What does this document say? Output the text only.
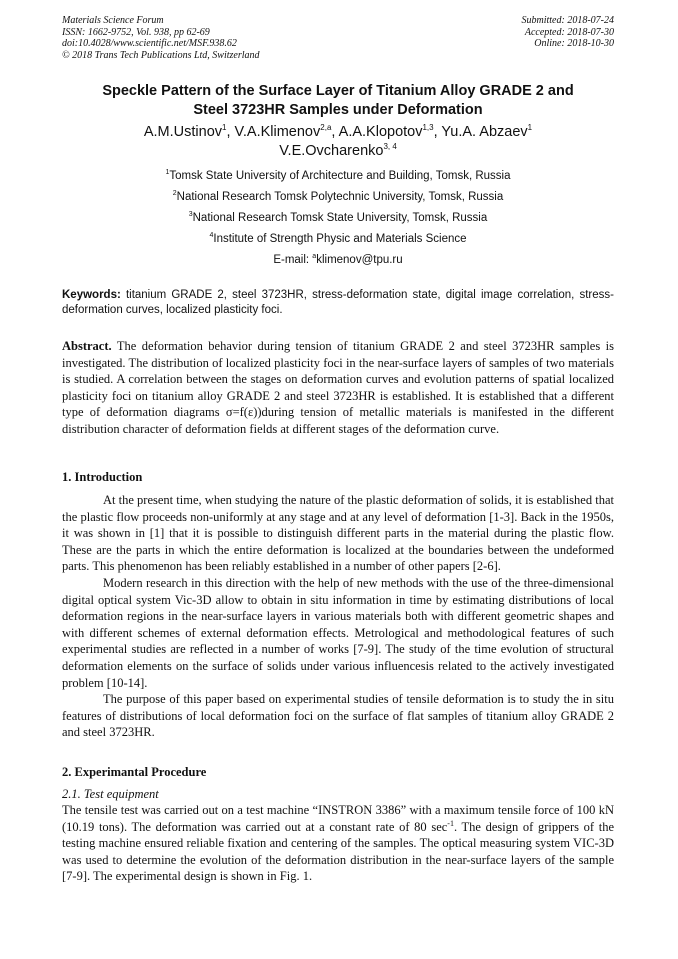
Materials Science Forum
ISSN: 1662-9752, Vol. 938, pp 62-69
doi:10.4028/www.scientific.net/MSF.938.62
© 2018 Trans Tech Publications Ltd, Switzerland
Submitted: 2018-07-24
Accepted: 2018-07-30
Online: 2018-10-30
Speckle Pattern of the Surface Layer of Titanium Alloy GRADE 2 and
Steel 3723HR Samples under Deformation
A.M.Ustinov$^1$, V.A.Klimenov$^{2,a}$, A.A.Klopotov$^{1,3}$, Yu.A. Abzaev$^1$
V.E.Ovcharenko$^{3, 4}$
$^1$Tomsk State University of Architecture and Building, Tomsk, Russia
$^2$National Research Tomsk Polytechnic University, Tomsk, Russia
$^3$National Research Tomsk State University, Tomsk, Russia
$^4$Institute of Strength Physic and Materials Science
E-mail: $^a$klimenov@tpu.ru
Keywords: titanium GRADE 2, steel 3723HR, stress-deformation state, digital image correlation, stress-deformation curves, localized plasticity foci.
Abstract. The deformation behavior during tension of titanium GRADE 2 and steel 3723HR samples is investigated. The distribution of localized plasticity foci in the near-surface layers of samples of two materials is studied. A correlation between the stages on deformation curves and evolution patterns of spatial localized plasticity foci on titanium alloy GRADE 2 and steel 3723HR is established. It is established that a different type of deformation diagrams σ=f(ε))during tension of metallic materials is manifested in the different distribution character of deformation fields at different stages of the deformation curve.
1. Introduction

At the present time, when studying the nature of the plastic deformation of solids, it is established that the plastic flow proceeds non-uniformly at any stage and at any level of deformation [1-3]. Back in the 1950s, it was shown in [1] that it is possible to distinguish different parts in the material during the plastic flow. These are the parts in which the entire deformation is localized at the boundaries between the undeformed parts. This phenomenon has been reliably established in a number of other papers [2-6].

Modern research in this direction with the help of new methods with the use of the three-dimensional digital optical system Vic-3D allow to obtain in situ information in time by estimating distributions of local deformation regions in the near-surface layers in various materials both with different geometric shapes and with different schemes of external deformation effects. Metrological and methodological features of such experimental studies are reflected in a number of works [7-9]. The study of the time evolution of structural deformation elements on the surface of solids under various influencesis related to the actively investigated problem [10-14].

The purpose of this paper based on experimental studies of tensile deformation is to study the in situ features of distributions of local deformation foci on the surface of flat samples of titanium alloy GRADE 2 and steel 3723HR.

2. Experimantal Procedure
2.1. Test equipment
The tensile test was carried out on a test machine “INSTRON 3386” with a maximum tensile force of 100 kN (10.19 tons). The deformation was carried out at a constant rate of 80 $\sec^{-1}$. The design of grippers of the testing machine ensured reliable fixation and centering of the samples. The optical measuring system VIC-3D was used to determine the evolution of the deformation distribution in the near-surface layers of the sample [7-9]. The experimental design is shown in Fig. 1.
